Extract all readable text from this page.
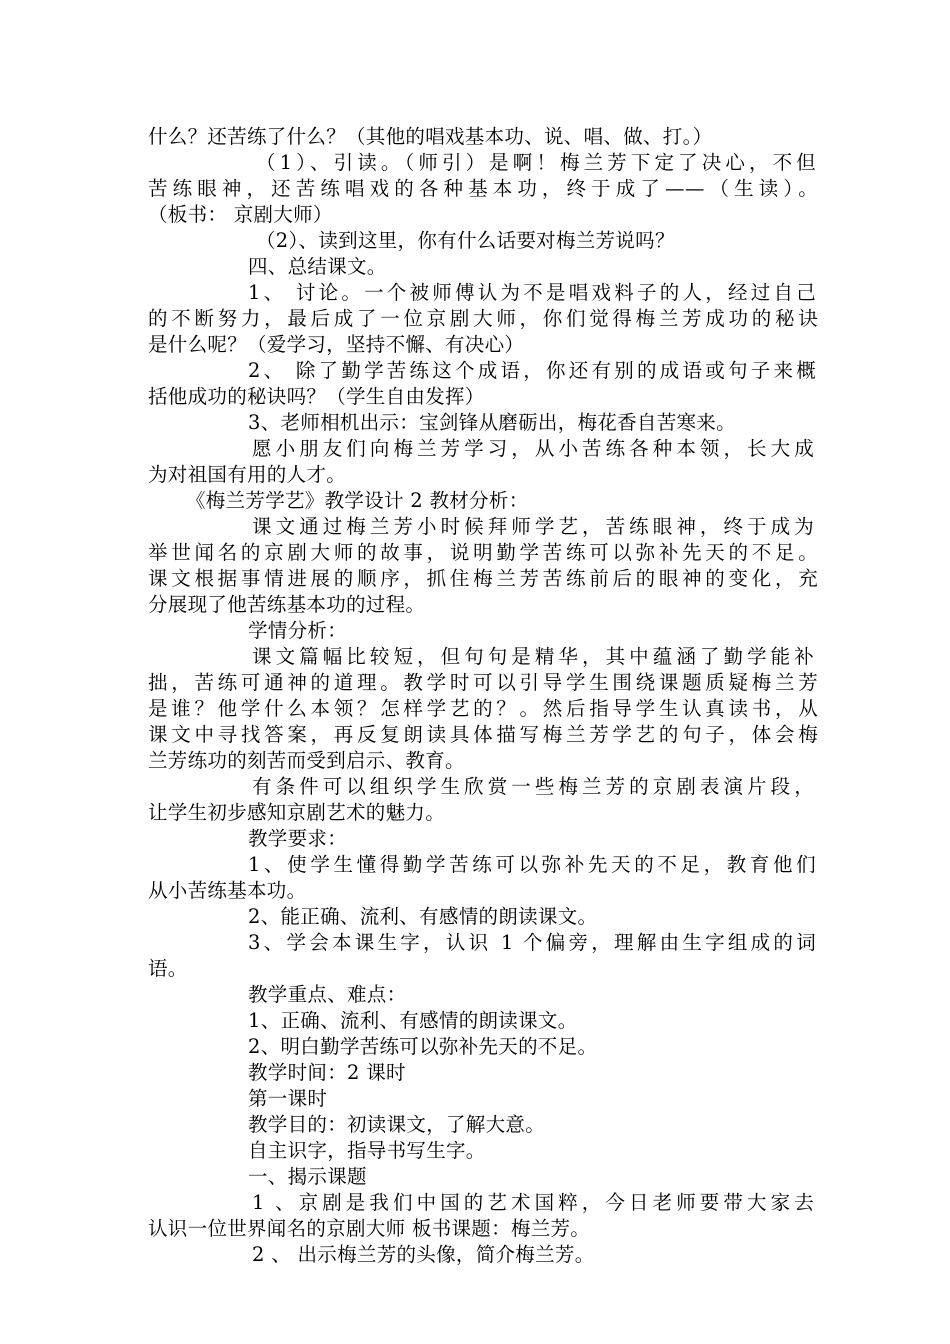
什么？还苦练了什么？（其他的唱戏基本功、说、唱、做、打。）
（1）、引读。（师引）是啊！梅兰芳下定了决心，不但
苦练眼神，还苦练唱戏的各种基本功，终于成了——（生读）。
（板书： 京剧大师）
（2）、读到这里，你有什么话要对梅兰芳说吗？
四、总结课文。
1、 讨论。一个被师傅认为不是唱戏料子的人，经过自己
的不断努力，最后成了一位京剧大师，你们觉得梅兰芳成功的秘诀
是什么呢？（爱学习，坚持不懈、有决心）
2、 除了勤学苦练这个成语，你还有别的成语或句子来概
括他成功的秘诀吗？（学生自由发挥）
3、老师相机出示：宝剑锋从磨砺出，梅花香自苦寒来。
愿小朋友们向梅兰芳学习，从小苦练各种本领，长大成
为对祖国有用的人才。
《梅兰芳学艺》教学设计 2 教材分析：
课文通过梅兰芳小时候拜师学艺，苦练眼神，终于成为
举世闻名的京剧大师的故事，说明勤学苦练可以弥补先天的不足。
课文根据事情进展的顺序，抓住梅兰芳苦练前后的眼神的变化，充
分展现了他苦练基本功的过程。
学情分析：
课文篇幅比较短，但句句是精华，其中蕴涵了勤学能补
拙，苦练可通神的道理。教学时可以引导学生围绕课题质疑梅兰芳
是谁？他学什么本领？怎样学艺的？。然后指导学生认真读书，从
课文中寻找答案，再反复朗读具体描写梅兰芳学艺的句子，体会梅
兰芳练功的刻苦而受到启示、教育。
有条件可以组织学生欣赏一些梅兰芳的京剧表演片段，
让学生初步感知京剧艺术的魅力。
教学要求：
1、使学生懂得勤学苦练可以弥补先天的不足，教育他们
从小苦练基本功。
2、能正确、流利、有感情的朗读课文。
3、学会本课生字，认识 1 个偏旁，理解由生字组成的词
语。
教学重点、难点：
1、正确、流利、有感情的朗读课文。
2、明白勤学苦练可以弥补先天的不足。
教学时间：2 课时
第一课时
教学目的：初读课文，了解大意。
自主识字，指导书写生字。
一、揭示课题
1 、京剧是我们中国的艺术国粹，今日老师要带大家去
认识一位世界闻名的京剧大师 板书课题：梅兰芳。
2 、 出示梅兰芳的头像，简介梅兰芳。
